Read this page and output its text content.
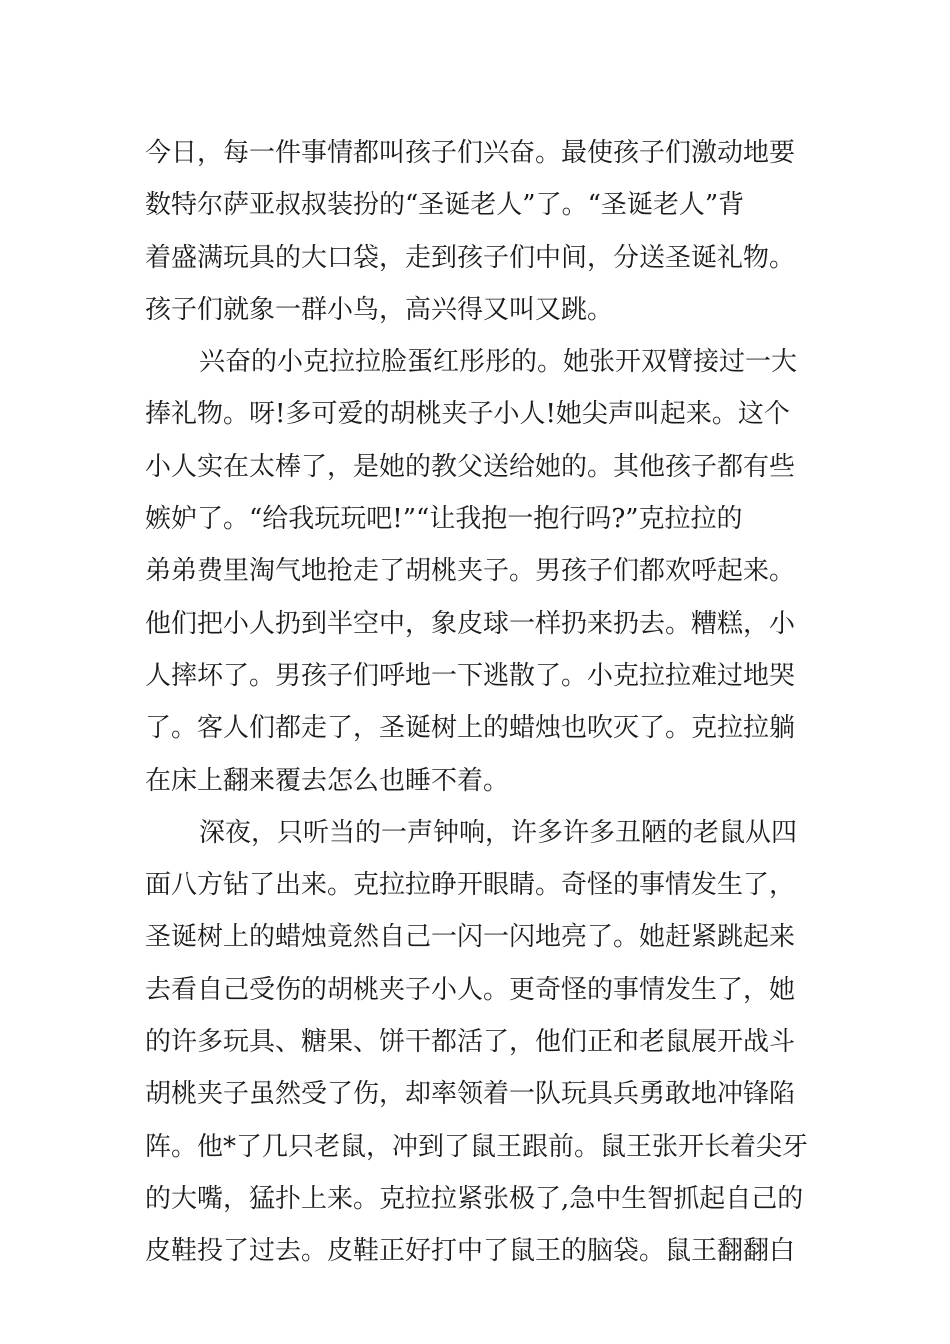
今日，每一件事情都叫孩子们兴奋。最使孩子们激动地要
数特尔萨亚叔叔装扮的“圣诞老人”了。“圣诞老人”背
着盛满玩具的大口袋，走到孩子们中间，分送圣诞礼物。
孩子们就象一群小鸟，高兴得又叫又跳。
兴奋的小克拉拉脸蛋红彤彤的。她张开双臂接过一大
捧礼物。呀!多可爱的胡桃夹子小人!她尖声叫起来。这个
小人实在太棒了，是她的教父送给她的。其他孩子都有些
嫉妒了。“给我玩玩吧!”“让我抱一抱行吗?”克拉拉的
弟弟费里淘气地抢走了胡桃夹子。男孩子们都欢呼起来。
他们把小人扔到半空中，象皮球一样扔来扔去。糟糕，小
人摔坏了。男孩子们呼地一下逃散了。小克拉拉难过地哭
了。客人们都走了，圣诞树上的蜡烛也吹灭了。克拉拉躺
在床上翻来覆去怎么也睡不着。
深夜，只听当的一声钟响，许多许多丑陋的老鼠从四
面八方钻了出来。克拉拉睁开眼睛。奇怪的事情发生了，
圣诞树上的蜡烛竟然自己一闪一闪地亮了。她赶紧跳起来
去看自己受伤的胡桃夹子小人。更奇怪的事情发生了，她
的许多玩具、糖果、饼干都活了，他们正和老鼠展开战斗
胡桃夹子虽然受了伤，却率领着一队玩具兵勇敢地冲锋陷
阵。他*了几只老鼠，冲到了鼠王跟前。鼠王张开长着尖牙
的大嘴，猛扑上来。克拉拉紧张极了,急中生智抓起自己的
皮鞋投了过去。皮鞋正好打中了鼠王的脑袋。鼠王翻翻白
